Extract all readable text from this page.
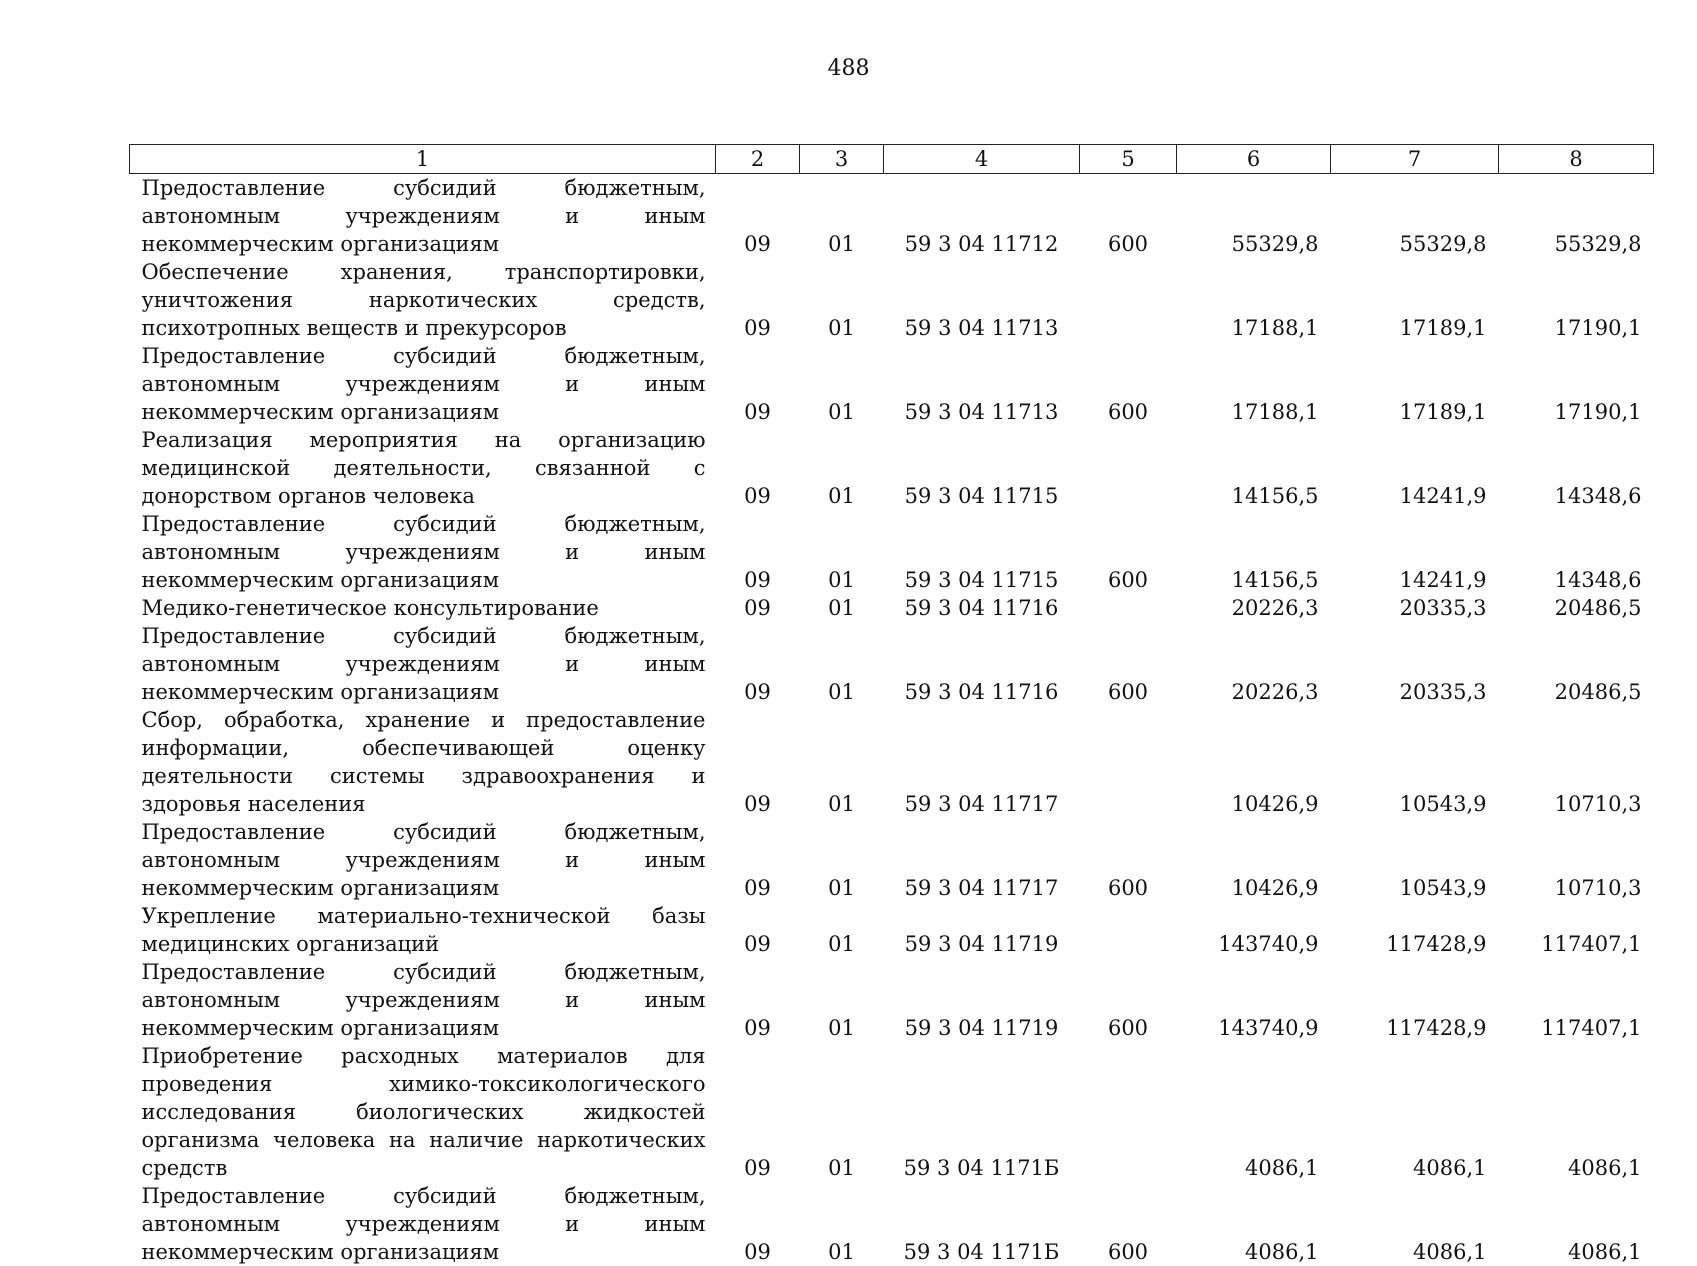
488
1	2	3	4	5	6	7	8
Предоставление субсидий бюджетным, автономным учреждениям и иным некоммерческим организациям	09	01	59 3 04 11712	600	55329,8	55329,8	55329,8
Обеспечение хранения, транспортировки, уничтожения наркотических средств, психотропных веществ и прекурсоров	09	01	59 3 04 11713		17188,1	17189,1	17190,1
Предоставление субсидий бюджетным, автономным учреждениям и иным некоммерческим организациям	09	01	59 3 04 11713	600	17188,1	17189,1	17190,1
Реализация мероприятия на организацию медицинской деятельности, связанной с донорством органов человека	09	01	59 3 04 11715		14156,5	14241,9	14348,6
Предоставление субсидий бюджетным, автономным учреждениям и иным некоммерческим организациям	09	01	59 3 04 11715	600	14156,5	14241,9	14348,6
Медико-генетическое консультирование	09	01	59 3 04 11716		20226,3	20335,3	20486,5
Предоставление субсидий бюджетным, автономным учреждениям и иным некоммерческим организациям	09	01	59 3 04 11716	600	20226,3	20335,3	20486,5
Сбор, обработка, хранение и предоставление информации, обеспечивающей оценку деятельности системы здравоохранения и здоровья населения	09	01	59 3 04 11717		10426,9	10543,9	10710,3
Предоставление субсидий бюджетным, автономным учреждениям и иным некоммерческим организациям	09	01	59 3 04 11717	600	10426,9	10543,9	10710,3
Укрепление материально-технической базы медицинских организаций	09	01	59 3 04 11719		143740,9	117428,9	117407,1
Предоставление субсидий бюджетным, автономным учреждениям и иным некоммерческим организациям	09	01	59 3 04 11719	600	143740,9	117428,9	117407,1
Приобретение расходных материалов для проведения химико-токсикологического исследования биологических жидкостей организма человека на наличие наркотических средств	09	01	59 3 04 1171Б		4086,1	4086,1	4086,1
Предоставление субсидий бюджетным, автономным учреждениям и иным некоммерческим организациям	09	01	59 3 04 1171Б	600	4086,1	4086,1	4086,1
